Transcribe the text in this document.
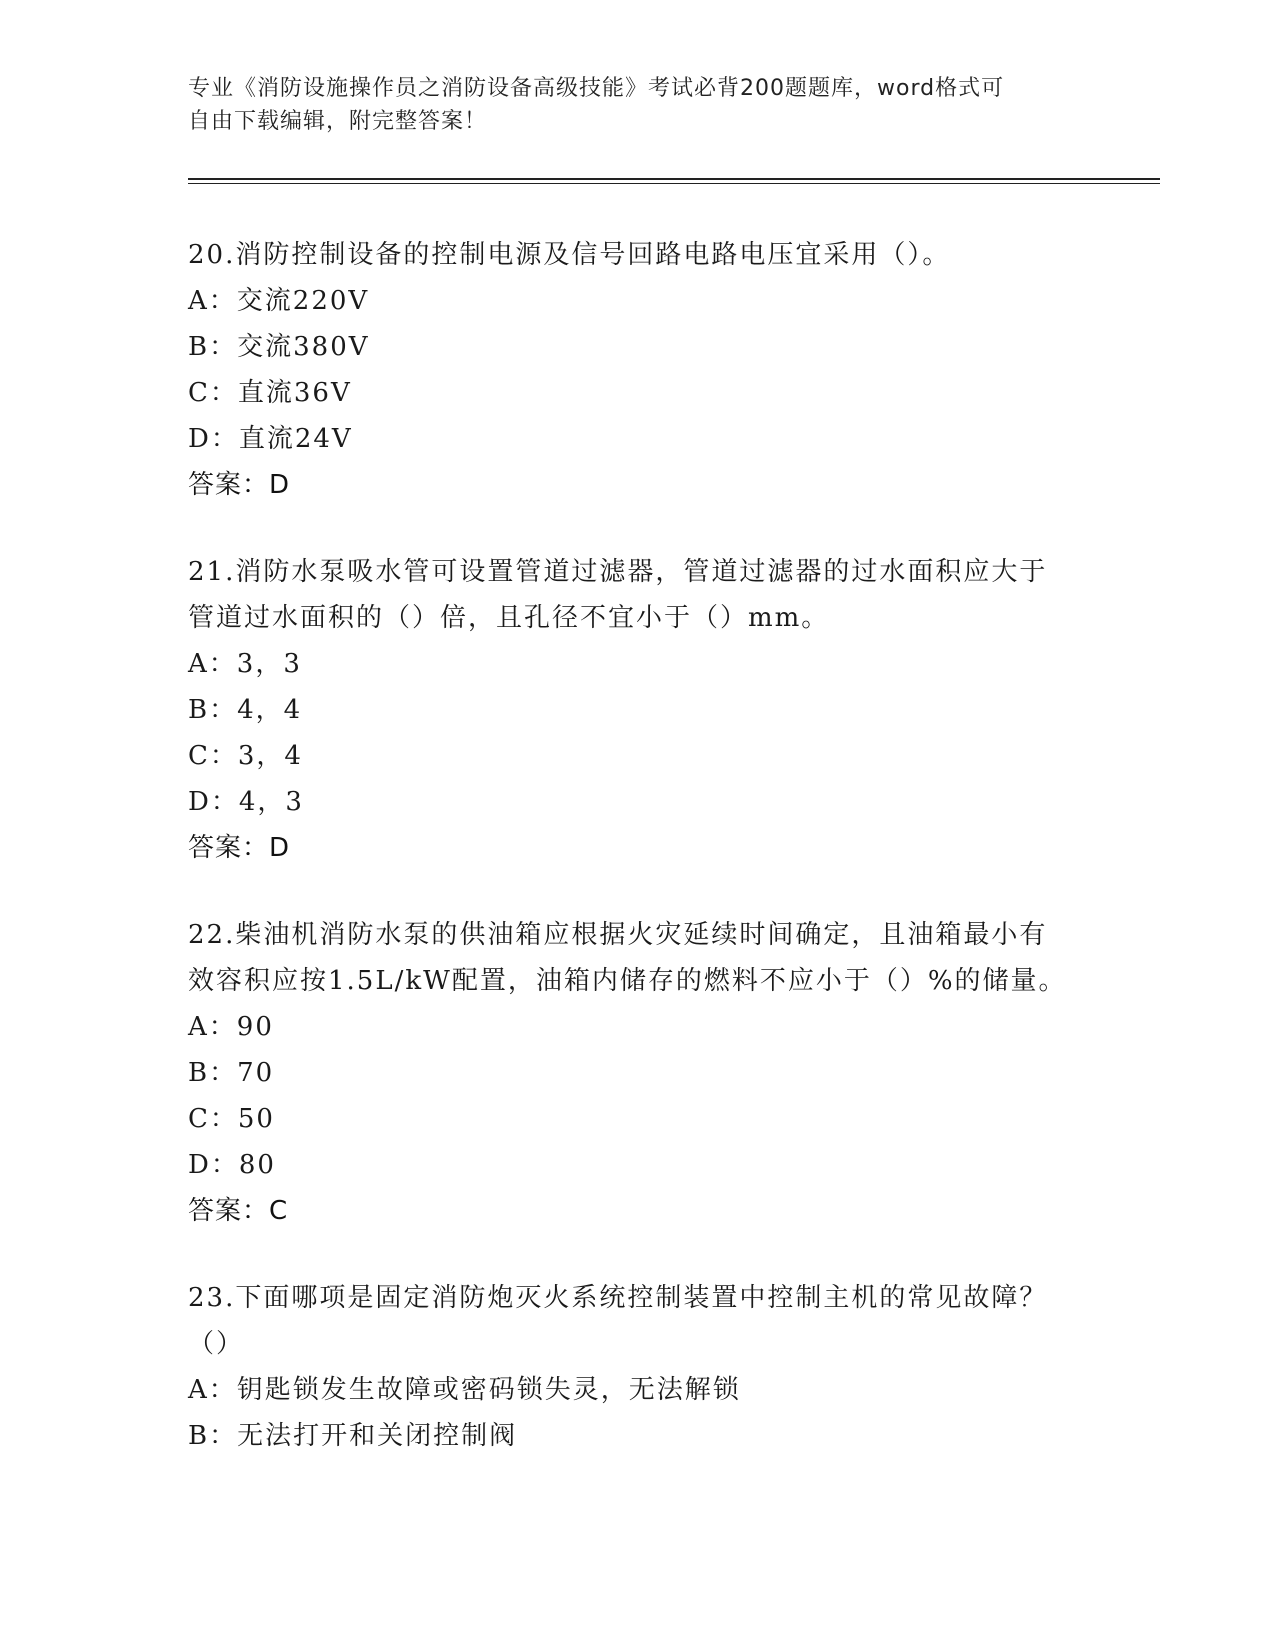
专业《消防设施操作员之消防设备高级技能》考试必背200题题库，word格式可
自由下载编辑，附完整答案！
20.消防控制设备的控制电源及信号回路电路电压宜采用（）。
A：交流220V
B：交流380V
C：直流36V
D：直流24V
答案：D
21.消防水泵吸水管可设置管道过滤器，管道过滤器的过水面积应大于
管道过水面积的（）倍，且孔径不宜小于（）mm。
A：3，3
B：4，4
C：3，4
D：4，3
答案：D
22.柴油机消防水泵的供油箱应根据火灾延续时间确定，且油箱最小有
效容积应按1.5L/kW配置，油箱内储存的燃料不应小于（）%的储量。
A：90
B：70
C：50
D：80
答案：C
23.下面哪项是固定消防炮灭火系统控制装置中控制主机的常见故障？
（）
A：钥匙锁发生故障或密码锁失灵，无法解锁
B：无法打开和关闭控制阀
